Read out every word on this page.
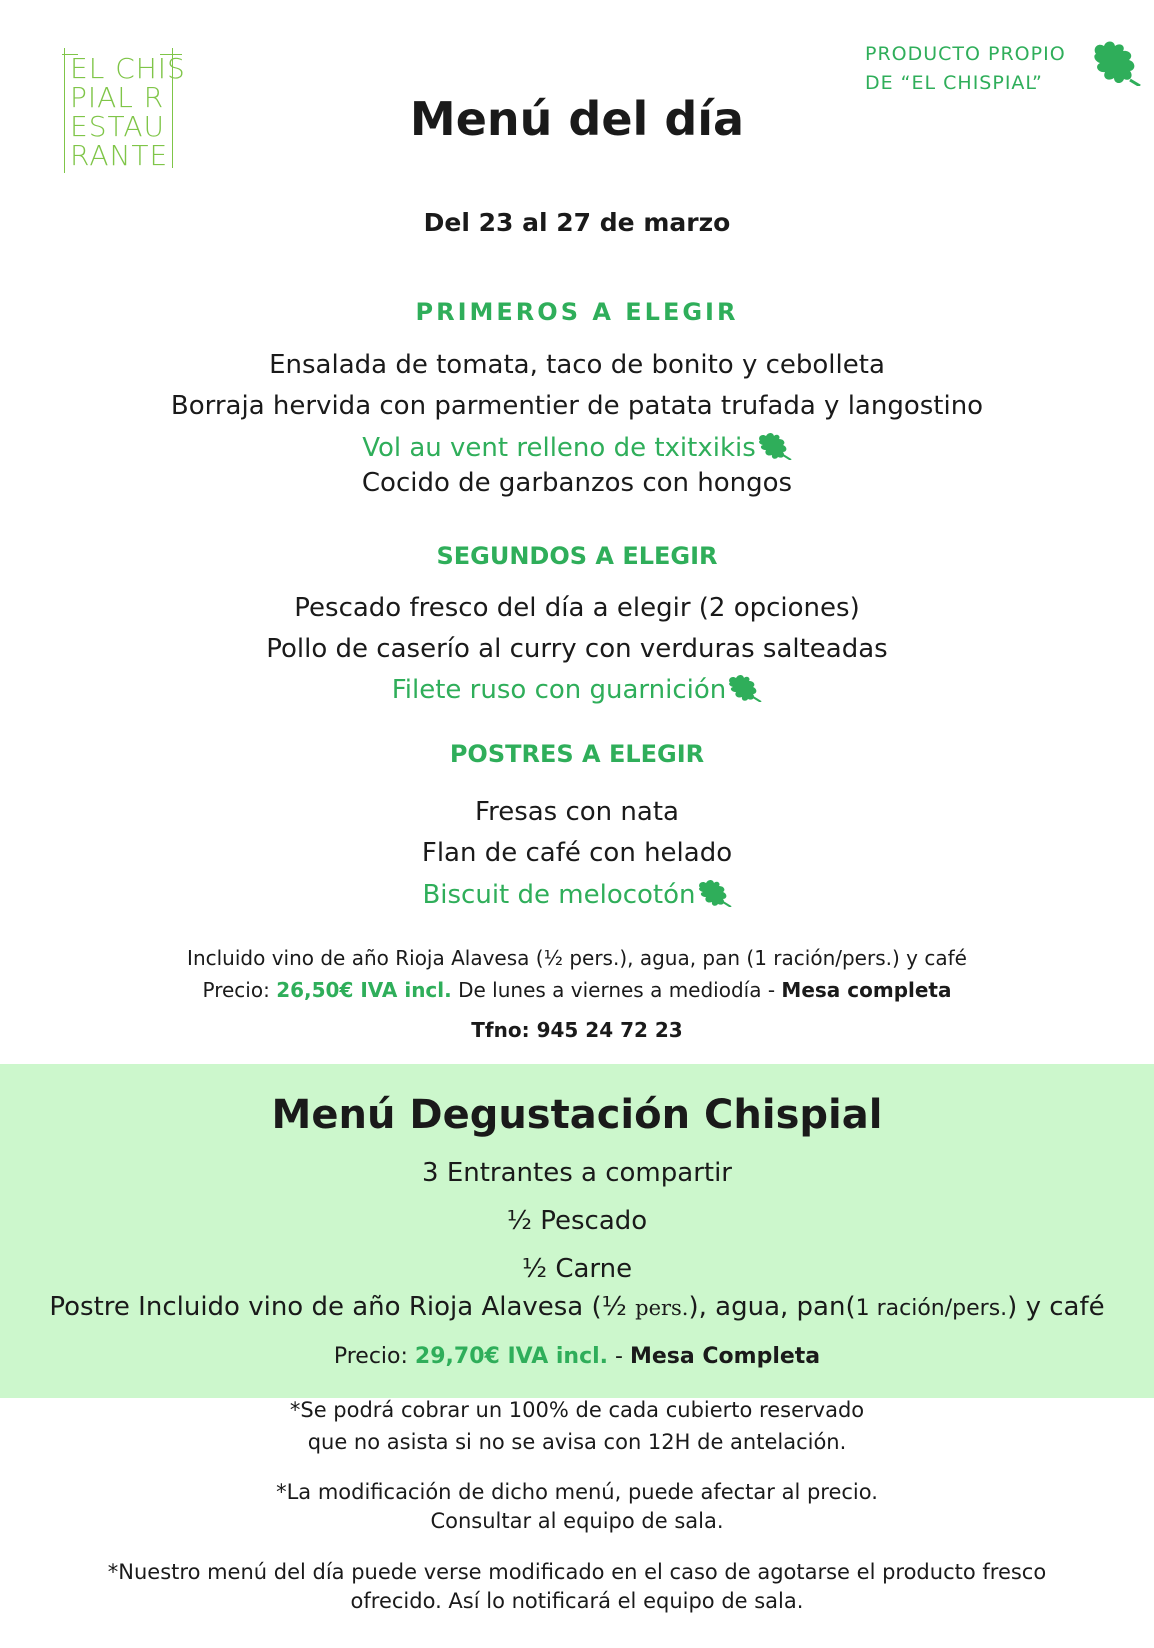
EL CHIS
PIAL R
ESTAU
RANTE
PRODUCTO PROPIO
DE “EL CHISPIAL”
Menú del día
Del 23 al 27 de marzo
PRIMEROS A ELEGIR
Ensalada de tomata, taco de bonito y cebolleta
Borraja hervida con parmentier de patata trufada y langostino
Vol au vent relleno de txitxikis
Cocido de garbanzos con hongos
SEGUNDOS A ELEGIR
Pescado fresco del día a elegir (2 opciones)
Pollo de caserío al curry con verduras salteadas
Filete ruso con guarnición
POSTRES A ELEGIR
Fresas con nata
Flan de café con helado
Biscuit de melocotón
Incluido vino de año Rioja Alavesa (½ pers.), agua, pan (1 ración/pers.) y café
Precio: 26,50€ IVA incl. De lunes a viernes a mediodía - Mesa completa
Tfno: 945 24 72 23
Menú Degustación Chispial
3 Entrantes a compartir
½ Pescado
½ Carne
Postre Incluido vino de año Rioja Alavesa (½ pers.), agua, pan(1 ración/pers.) y café
Precio: 29,70€ IVA incl. - Mesa Completa
*Se podrá cobrar un 100% de cada cubierto reservado
que no asista si no se avisa con 12H de antelación.
*La modificación de dicho menú, puede afectar al precio.
Consultar al equipo de sala.
*Nuestro menú del día puede verse modificado en el caso de agotarse el producto fresco
ofrecido. Así lo notificará el equipo de sala.
